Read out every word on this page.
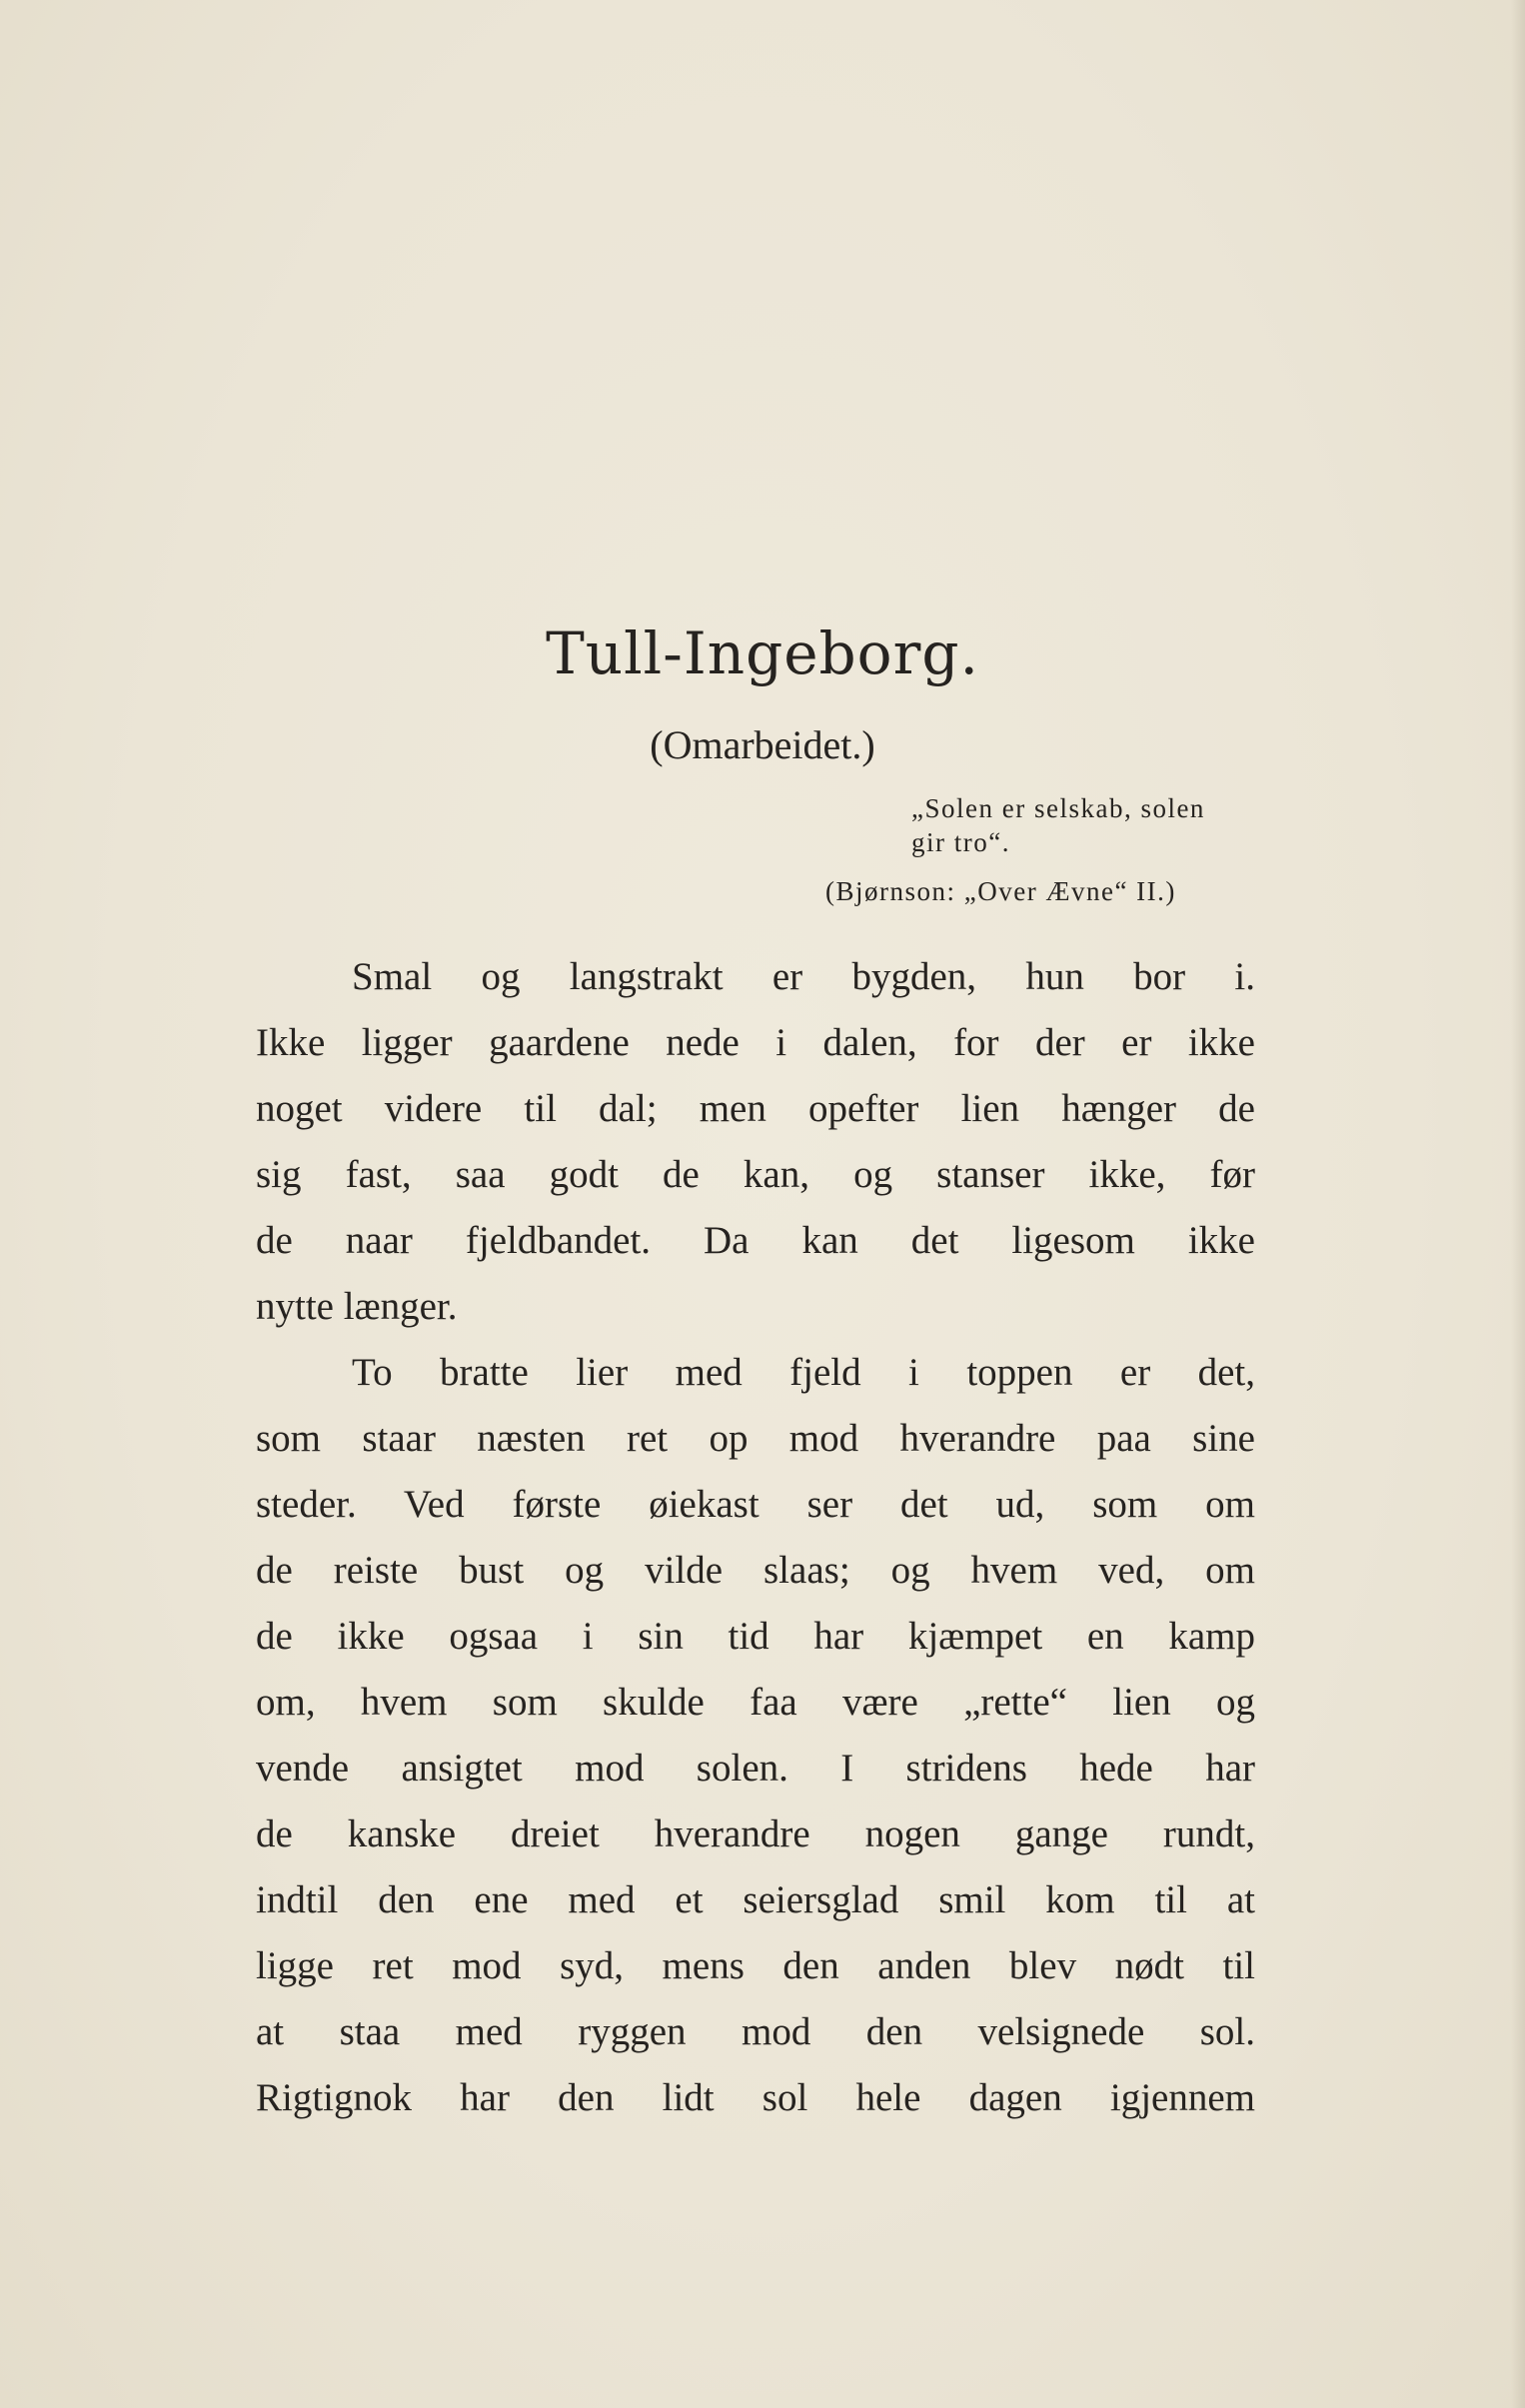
Tull-Ingeborg.
(Omarbeidet.)
„Solen er selskab, solen
gir tro“.
(Bjørnson: „Over Ævne“ II.)
Smal og langstrakt er bygden, hun bor i.
Ikke ligger gaardene nede i dalen, for der er ikke
noget videre til dal; men opefter lien hænger de
sig fast, saa godt de kan, og stanser ikke, før
de naar fjeldbandet. Da kan det ligesom ikke
nytte længer.
To bratte lier med fjeld i toppen er det,
som staar næsten ret op mod hverandre paa sine
steder. Ved første øiekast ser det ud, som om
de reiste bust og vilde slaas; og hvem ved, om
de ikke ogsaa i sin tid har kjæmpet en kamp
om, hvem som skulde faa være „rette“ lien og
vende ansigtet mod solen. I stridens hede har
de kanske dreiet hverandre nogen gange rundt,
indtil den ene med et seiersglad smil kom til at
ligge ret mod syd, mens den anden blev nødt til
at staa med ryggen mod den velsignede sol.
Rigtignok har den lidt sol hele dagen igjennem
